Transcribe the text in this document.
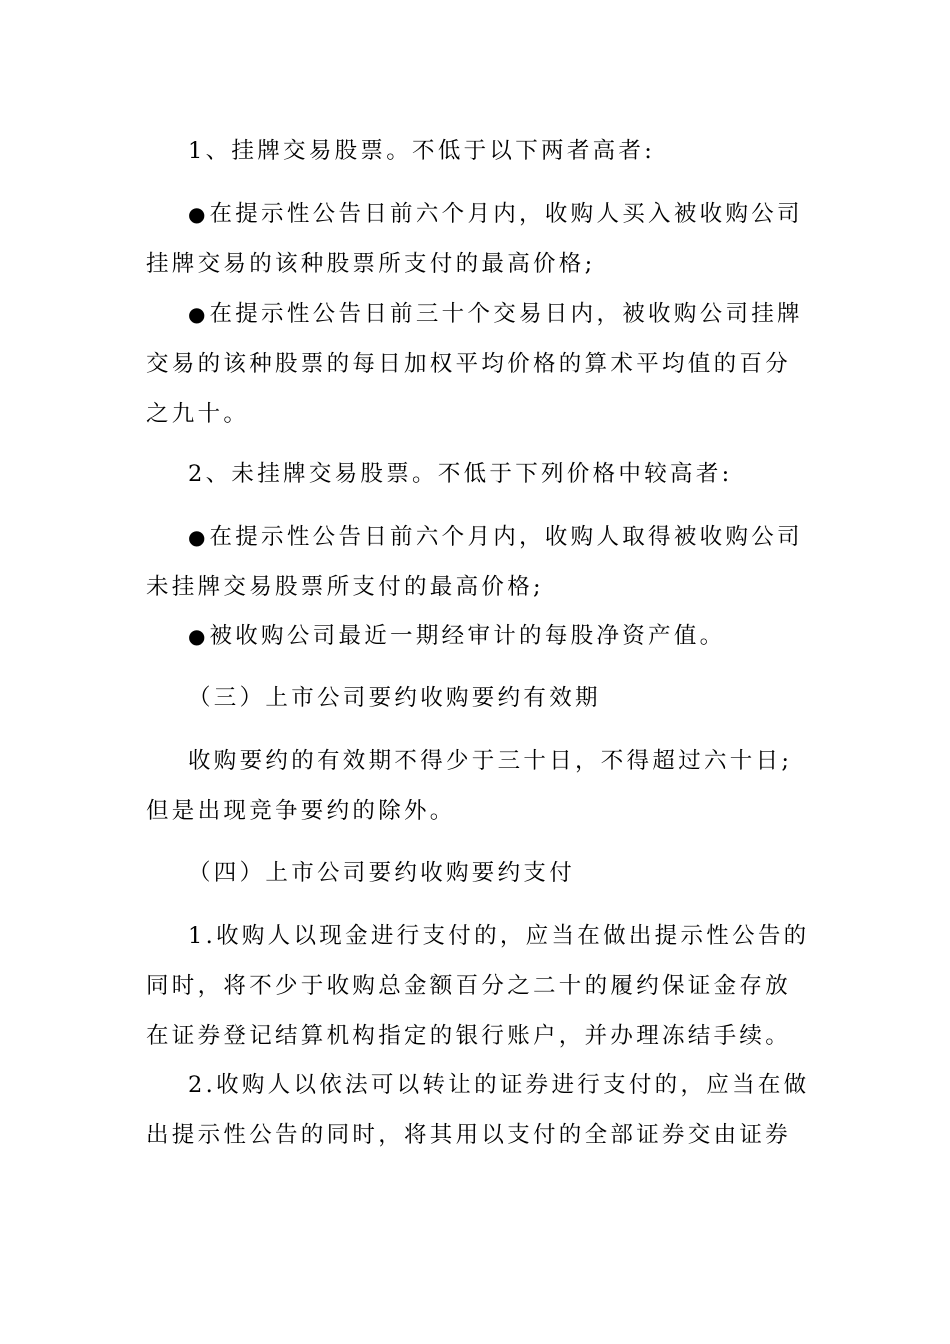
1、挂牌交易股票。不低于以下两者高者:

● 在提示性公告日前六个月内，收购人买入被收购公司
挂牌交易的该种股票所支付的最高价格;

● 在提示性公告日前三十个交易日内，被收购公司挂牌
交易的该种股票的每日加权平均价格的算术平均值的百分
之九十。

2、未挂牌交易股票。不低于下列价格中较高者:

● 在提示性公告日前六个月内，收购人取得被收购公司
未挂牌交易股票所支付的最高价格;

● 被收购公司最近一期经审计的每股净资产值。

（三）上市公司要约收购要约有效期

收购要约的有效期不得少于三十日，不得超过六十日;
但是出现竞争要约的除外。

（四）上市公司要约收购要约支付

1.收购人以现金进行支付的，应当在做出提示性公告的
同时，将不少于收购总金额百分之二十的履约保证金存放
在证券登记结算机构指定的银行账户，并办理冻结手续。

2.收购人以依法可以转让的证券进行支付的，应当在做
出提示性公告的同时，将其用以支付的全部证券交由证券
